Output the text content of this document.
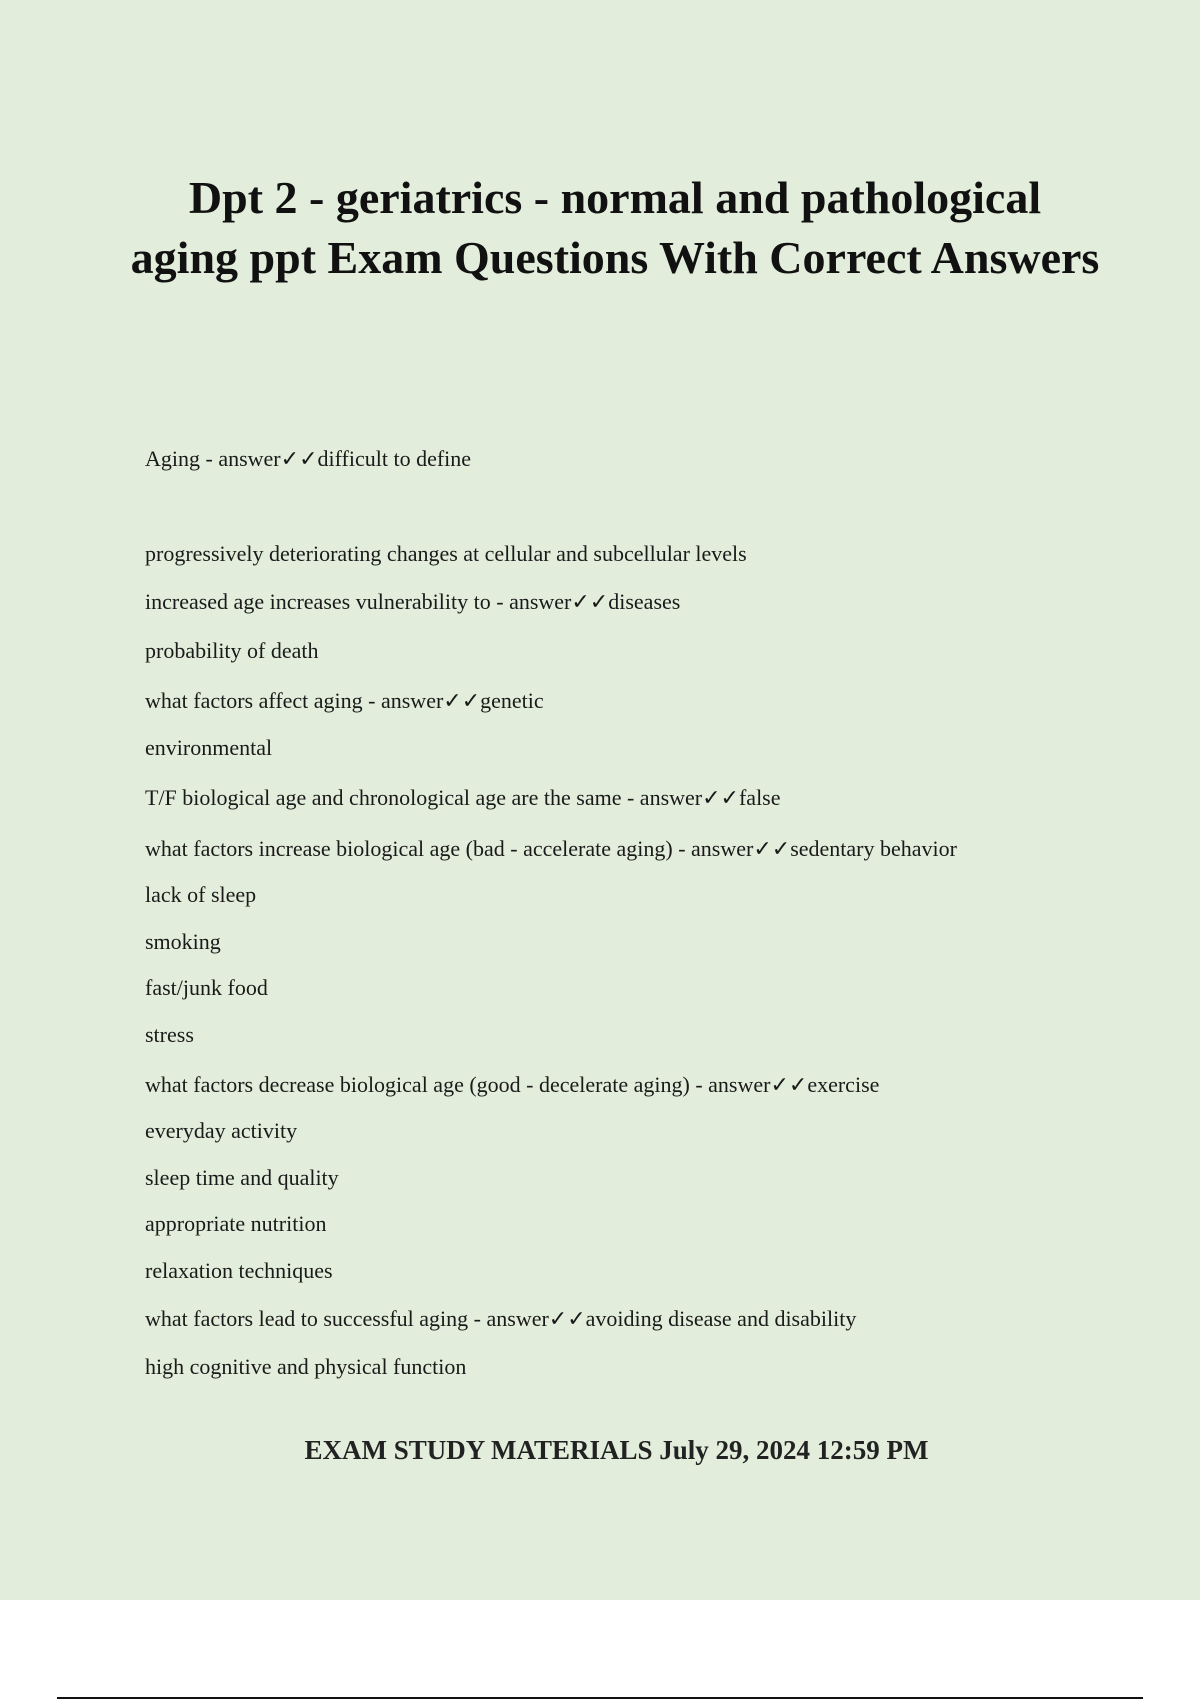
Dpt 2 - geriatrics - normal and pathological aging ppt Exam Questions With Correct Answers
Aging - answer✓✓difficult to define
progressively deteriorating changes at cellular and subcellular levels
increased age increases vulnerability to - answer✓✓diseases
probability of death
what factors affect aging - answer✓✓genetic
environmental
T/F biological age and chronological age are the same - answer✓✓false
what factors increase biological age (bad - accelerate aging) - answer✓✓sedentary behavior
lack of sleep
smoking
fast/junk food
stress
what factors decrease biological age (good - decelerate aging) - answer✓✓exercise
everyday activity
sleep time and quality
appropriate nutrition
relaxation techniques
what factors lead to successful aging - answer✓✓avoiding disease and disability
high cognitive and physical function
EXAM STUDY MATERIALS July 29, 2024 12:59 PM
